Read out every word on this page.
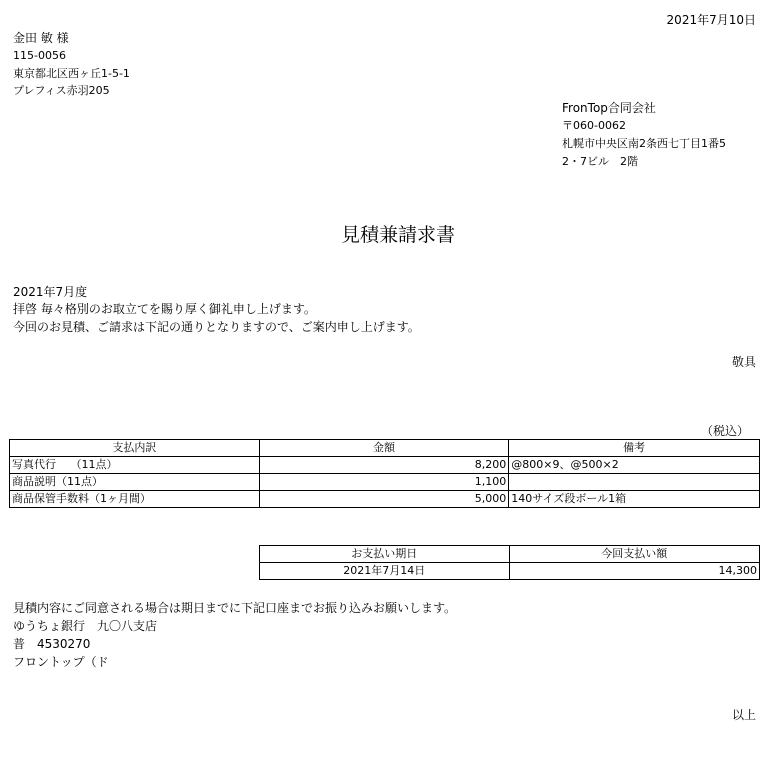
2021年7月10日
金田 敏 様
115-0056
東京都北区西ヶ丘1-5-1
プレフィス赤羽205
FronTop合同会社
〒060-0062
札幌市中央区南2条西七丁目1番5
2・7ビル　2階
見積兼請求書
2021年7月度
拝啓 毎々格別のお取立てを賜り厚く御礼申し上げます。
今回のお見積、ご請求は下記の通りとなりますので、ご案内申し上げます。
敬具
（税込）
支払内訳	金額	備考
写真代行　 （11点）	8,200	@800×9、@500×2
商品説明（11点）	1,100	
商品保管手数料（1ヶ月間）	5,000	140サイズ段ボール1箱
お支払い期日	今回支払い額
2021年7月14日	14,300
見積内容にご同意される場合は期日までに下記口座までお振り込みお願いします。
ゆうちょ銀行　九〇八支店
普　4530270
フロントップ（ド
以上
